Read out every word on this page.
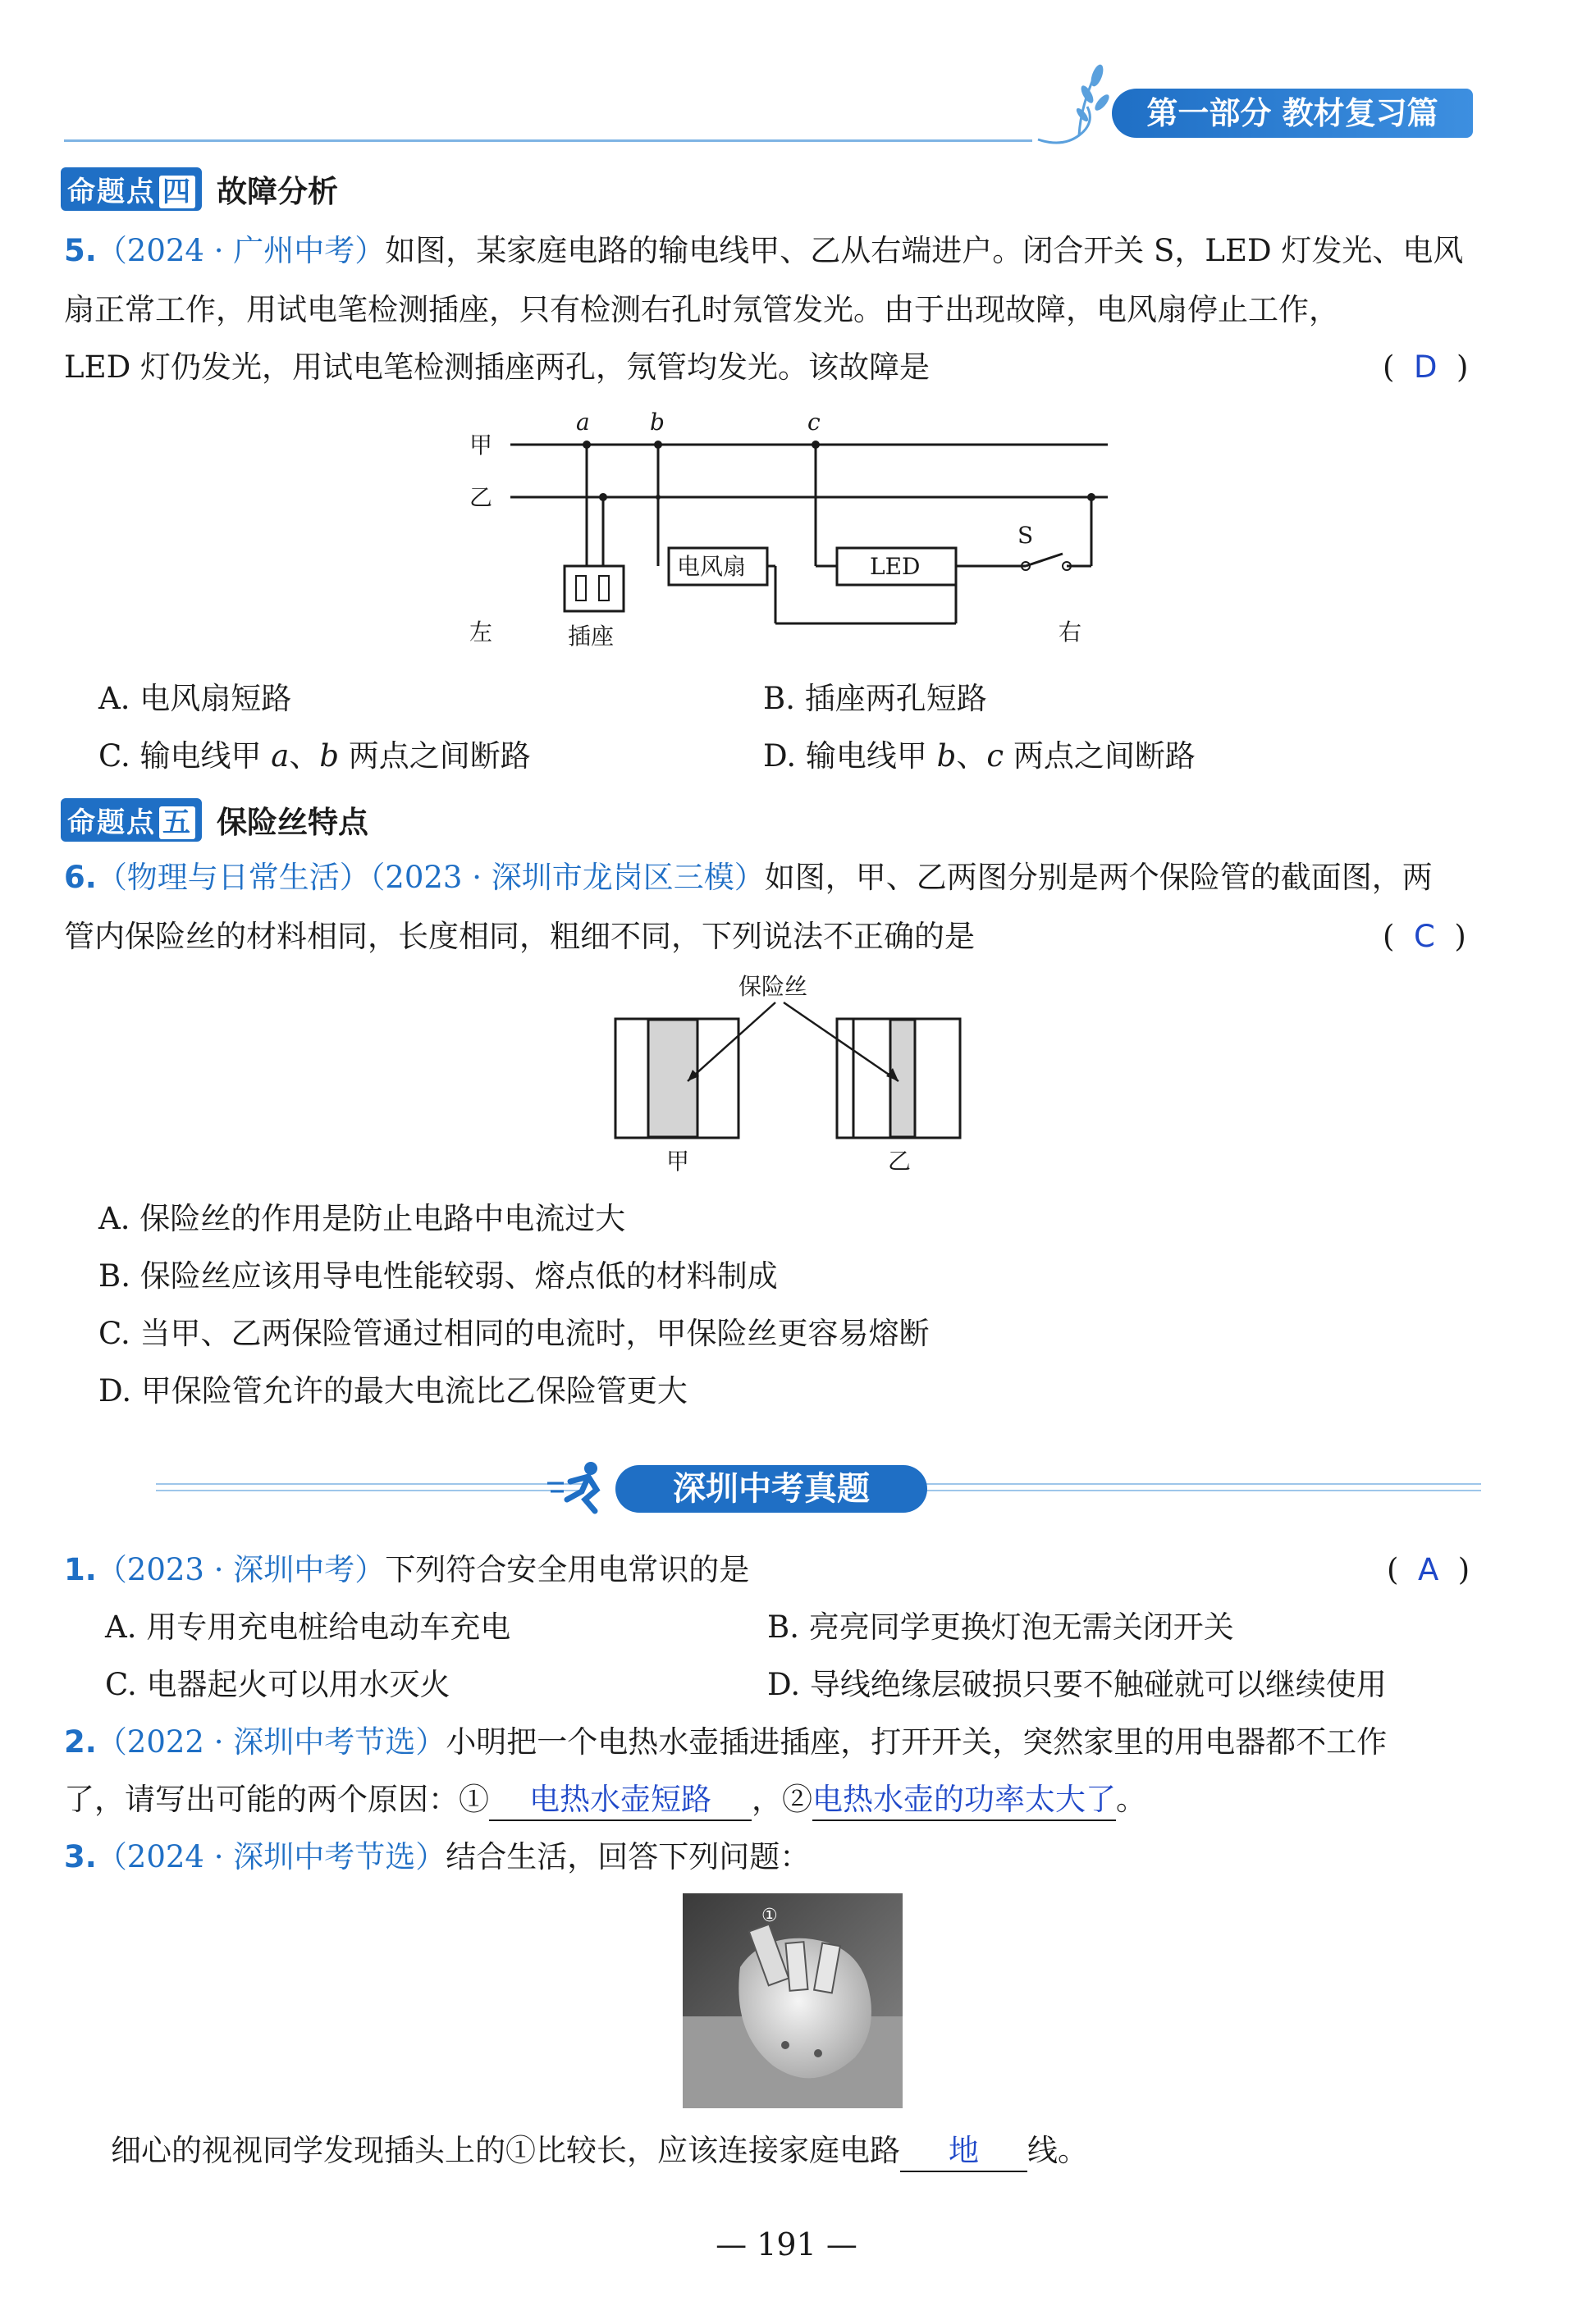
第一部分 教材复习篇
命题点 四 故障分析
5.（2024 · 广州中考）如图，某家庭电路的输电线甲、乙从右端进户。闭合开关 S，LED 灯发光、电风
扇正常工作，用试电笔检测插座，只有检测右孔时氖管发光。由于出现故障，电风扇停止工作，
LED 灯仍发光，用试电笔检测插座两孔，氖管均发光。该故障是	(  D  )
甲
乙
a	b	c
电风扇	LED
S
插座
左	右
A. 电风扇短路	B. 插座两孔短路
C. 输电线甲 a、b 两点之间断路	D. 输电线甲 b、c 两点之间断路
命题点 五 保险丝特点
6.（物理与日常生活）（2023 · 深圳市龙岗区三模）如图，甲、乙两图分别是两个保险管的截面图，两
管内保险丝的材料相同，长度相同，粗细不同，下列说法不正确的是	(  C  )
保险丝
甲	乙
A. 保险丝的作用是防止电路中电流过大
B. 保险丝应该用导电性能较弱、熔点低的材料制成
C. 当甲、乙两保险管通过相同的电流时，甲保险丝更容易熔断
D. 甲保险管允许的最大电流比乙保险管更大
深圳中考真题
1.（2023 · 深圳中考）下列符合安全用电常识的是	(  A  )
A. 用专用充电桩给电动车充电	B. 亮亮同学更换灯泡无需关闭开关
C. 电器起火可以用水灭火	D. 导线绝缘层破损只要不触碰就可以继续使用
2.（2022 · 深圳中考节选）小明把一个电热水壶插进插座，打开开关，突然家里的用电器都不工作
了，请写出可能的两个原因：① 电热水壶短路 ，②电热水壶的功率太大了。
3.（2024 · 深圳中考节选）结合生活，回答下列问题：
①
细心的视视同学发现插头上的①比较长，应该连接家庭电路 地 线。
— 191 —
